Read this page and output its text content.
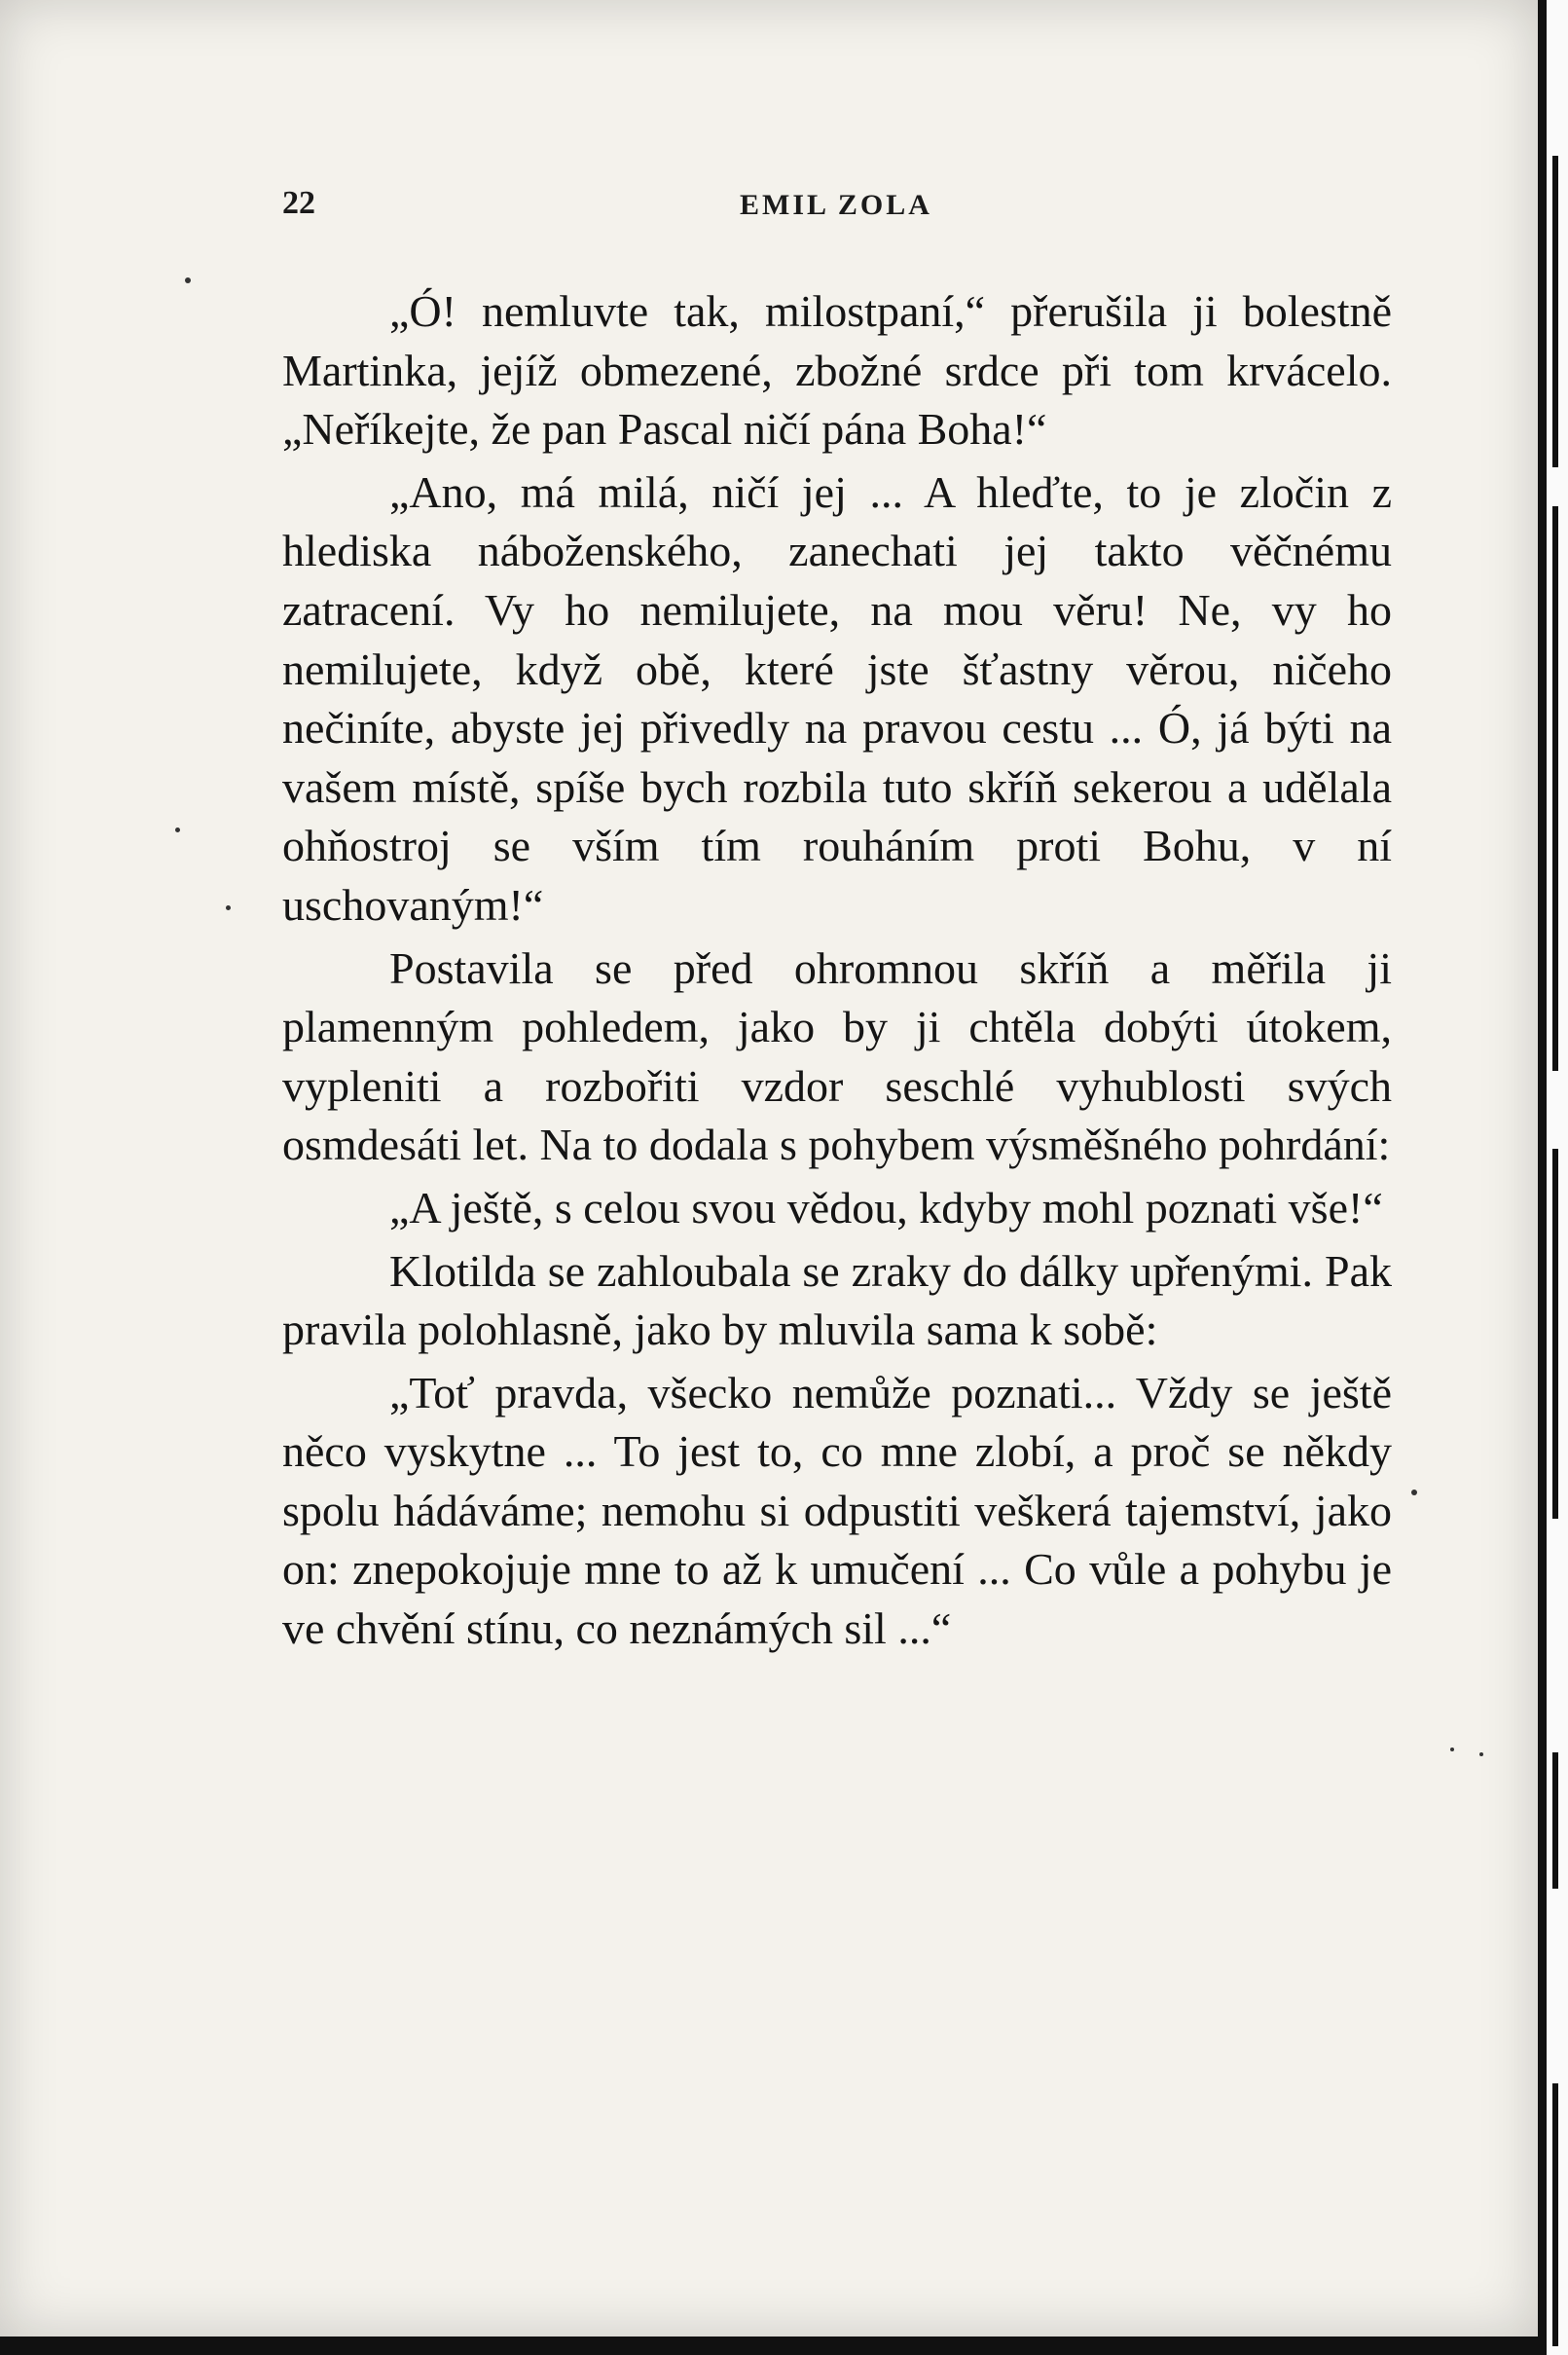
22	EMIL ZOLA

„Ó! nemluvte tak, milostpaní,“ přerušila ji bolestně Martinka, jejíž obmezené, zbožné srdce při tom krvácelo. „Neříkejte, že pan Pascal ničí pána Boha!“

„Ano, má milá, ničí jej ... A hleďte, to je zločin z hlediska náboženského, zanechati jej takto věčnému zatracení. Vy ho nemilujete, na mou věru! Ne, vy ho nemilujete, když obě, které jste šťastny věrou, ničeho nečiníte, abyste jej přivedly na pravou cestu ... Ó, já býti na vašem místě, spíše bych rozbila tuto skříň sekerou a udělala ohňostroj se vším tím rouháním proti Bohu, v ní uschovaným!“

Postavila se před ohromnou skříň a měřila ji plamenným pohledem, jako by ji chtěla dobýti útokem, vypleniti a rozbořiti vzdor seschlé vyhublosti svých osmdesáti let. Na to dodala s pohybem výsměšného pohrdání:

„A ještě, s celou svou vědou, kdyby mohl poznati vše!“

Klotilda se zahloubala se zraky do dálky upřenými. Pak pravila polohlasně, jako by mluvila sama k sobě:

„Toť pravda, všecko nemůže poznati... Vždy se ještě něco vyskytne ... To jest to, co mne zlobí, a proč se někdy spolu hádáváme; nemohu si odpustiti veškerá tajemství, jako on: znepokojuje mne to až k umučení ... Co vůle a pohybu je ve chvění stínu, co neznámých sil ...“
